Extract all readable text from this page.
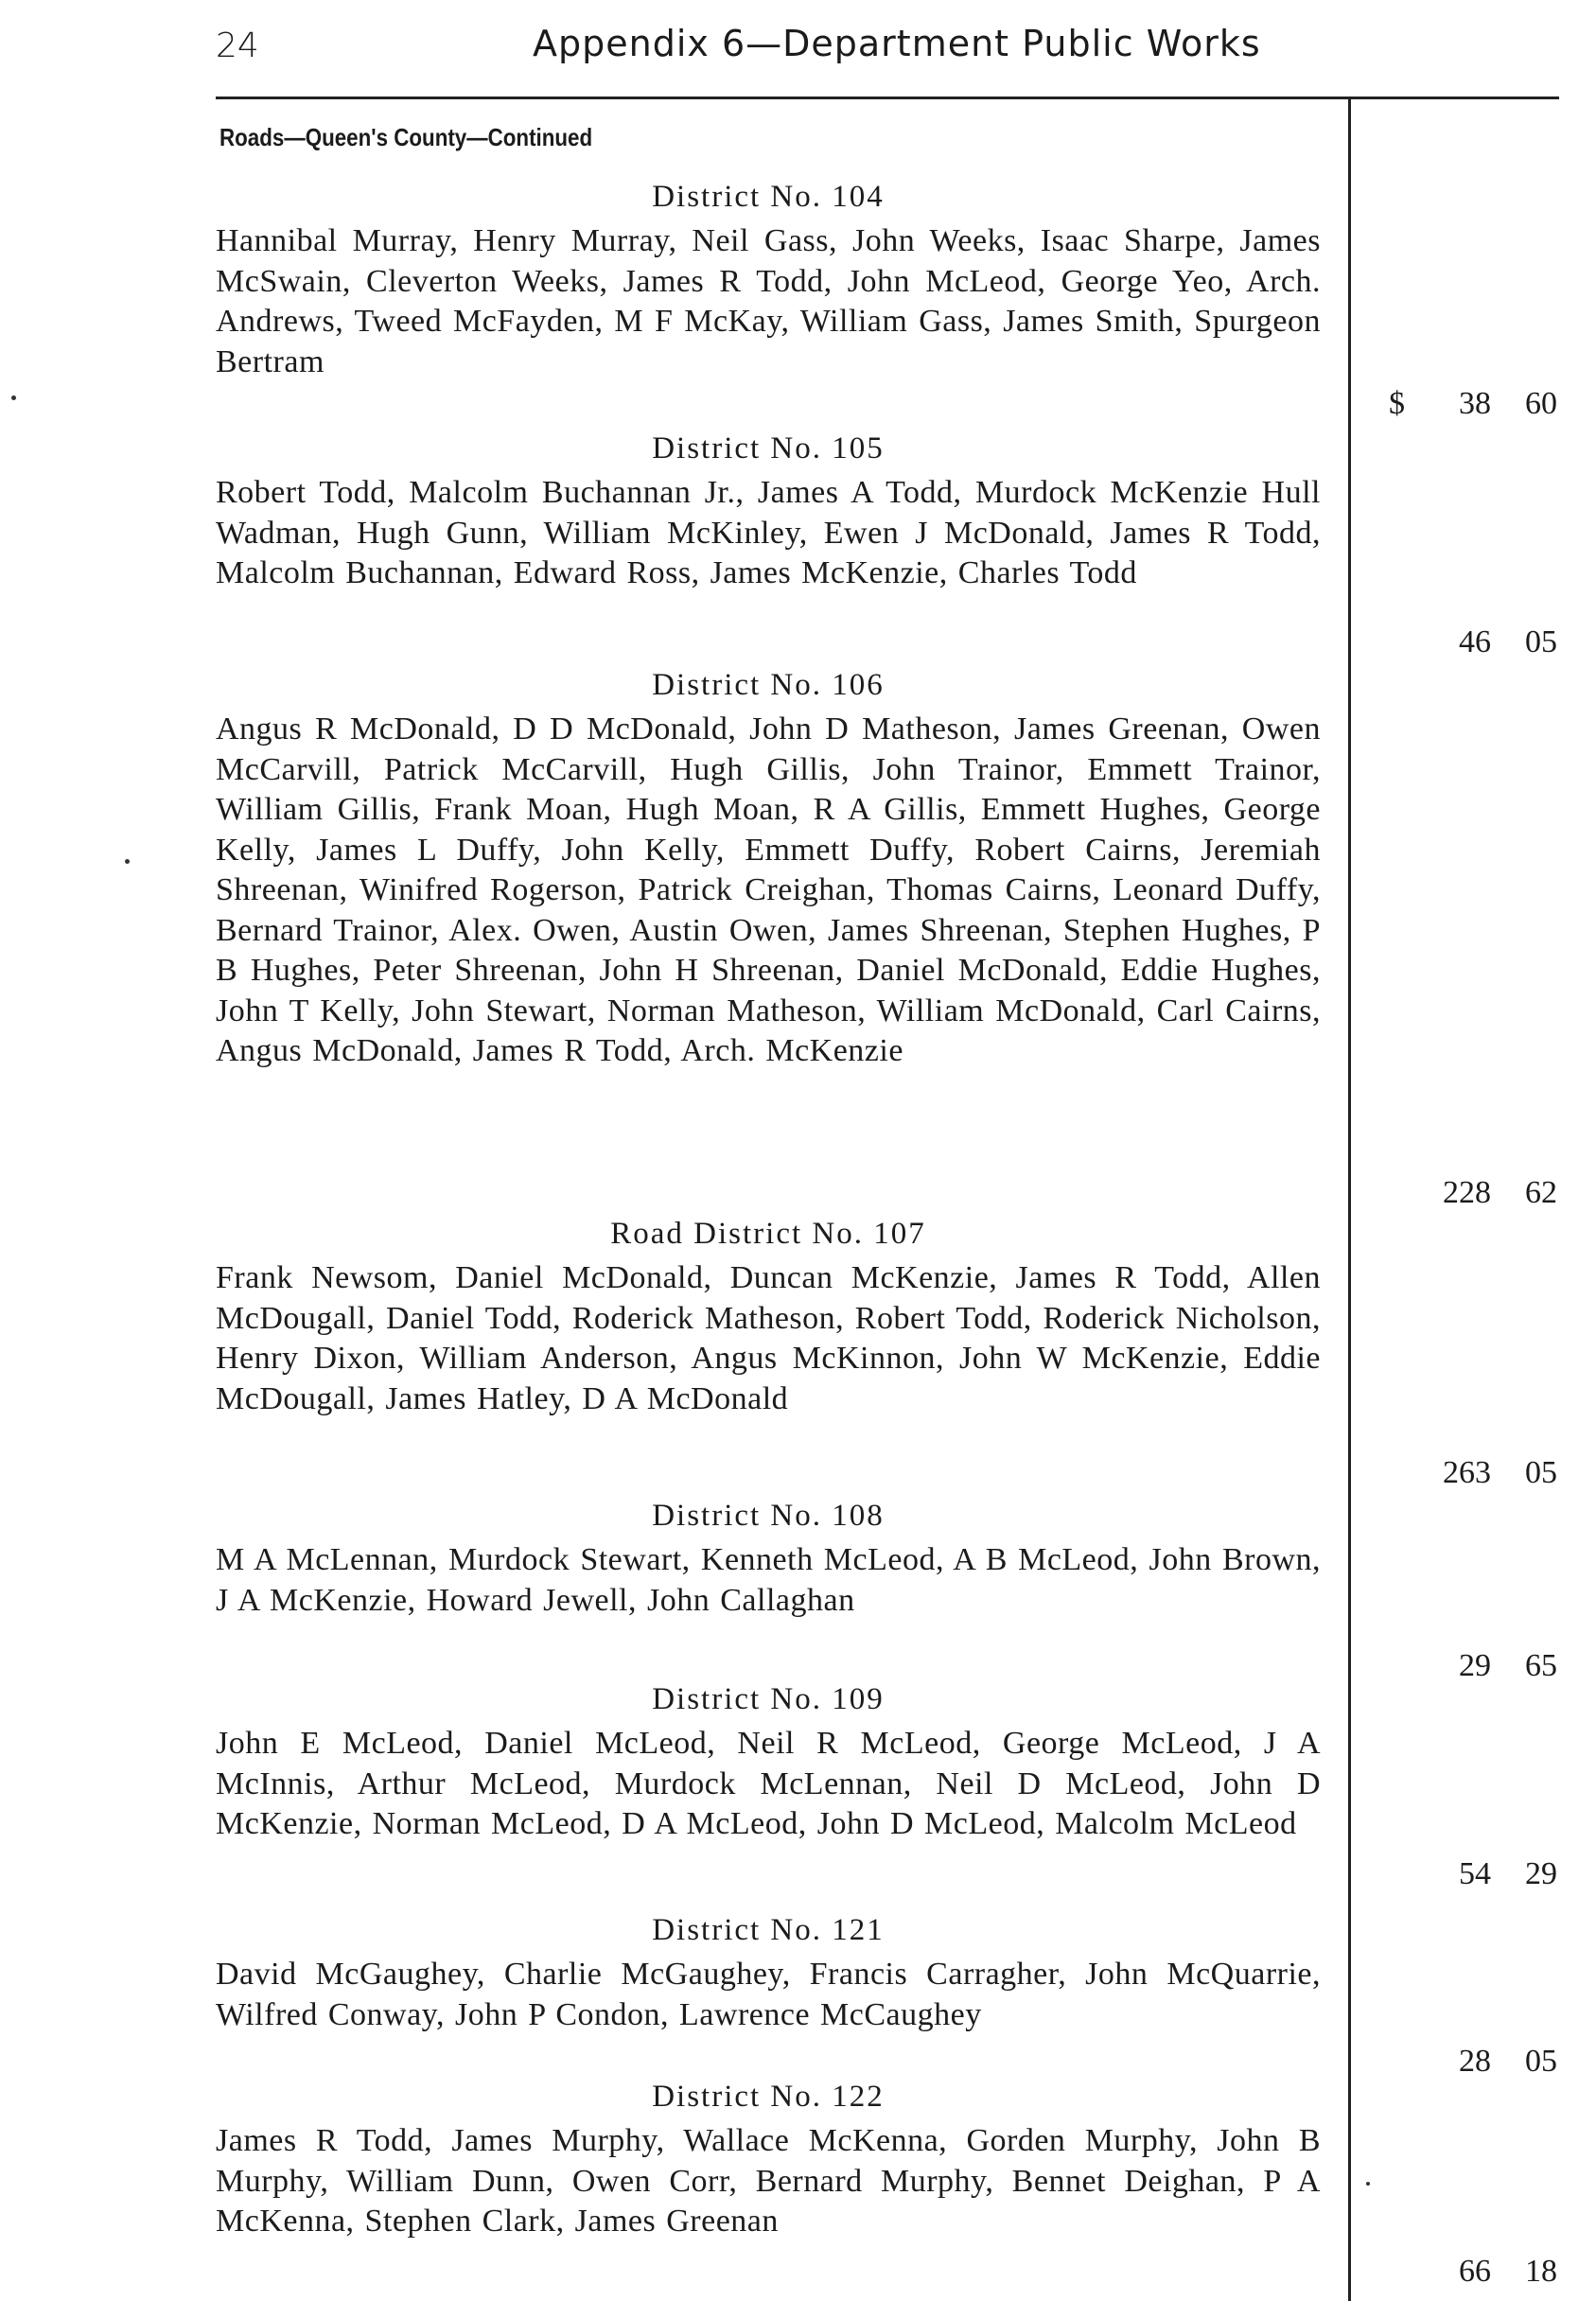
24	Appendix 6—Department Public Works
Roads—Queen's County—Continued
District No. 104
Hannibal Murray, Henry Murray, Neil Gass, John Weeks, Isaac Sharpe, James McSwain, Cleverton Weeks, James R Todd, John McLeod, George Yeo, Arch. Andrews, Tweed McFayden, M F McKay, William Gass, James Smith, Spurgeon Bertram
$ 38 60
District No. 105
Robert Todd, Malcolm Buchannan Jr., James A Todd, Murdock McKenzie Hull Wadman, Hugh Gunn, William McKinley, Ewen J McDonald, James R Todd, Malcolm Buchannan, Edward Ross, James McKenzie, Charles Todd
46 05
District No. 106
Angus R McDonald, D D McDonald, John D Matheson, James Greenan, Owen McCarvill, Patrick McCarvill, Hugh Gillis, John Trainor, Emmett Trainor, William Gillis, Frank Moan, Hugh Moan, R A Gillis, Emmett Hughes, George Kelly, James L Duffy, John Kelly, Emmett Duffy, Robert Cairns, Jeremiah Shreenan, Winifred Rogerson, Patrick Creighan, Thomas Cairns, Leonard Duffy, Bernard Trainor, Alex. Owen, Austin Owen, James Shreenan, Stephen Hughes, P B Hughes, Peter Shreenan, John H Shreenan, Daniel McDonald, Eddie Hughes, John T Kelly, John Stewart, Norman Matheson, William McDonald, Carl Cairns, Angus McDonald, James R Todd, Arch. McKenzie
228 62
Road District No. 107
Frank Newsom, Daniel McDonald, Duncan McKenzie, James R Todd, Allen McDougall, Daniel Todd, Roderick Matheson, Robert Todd, Roderick Nicholson, Henry Dixon, William Anderson, Angus McKinnon, John W McKenzie, Eddie McDougall, James Hatley, D A McDonald
263 05
District No. 108
M A McLennan, Murdock Stewart, Kenneth McLeod, A B McLeod, John Brown, J A McKenzie, Howard Jewell, John Callaghan
29 65
District No. 109
John E McLeod, Daniel McLeod, Neil R McLeod, George McLeod, J A McInnis, Arthur McLeod, Murdock McLennan, Neil D McLeod, John D McKenzie, Norman McLeod, D A McLeod, John D McLeod, Malcolm McLeod
54 29
District No. 121
David McGaughey, Charlie McGaughey, Francis Carragher, John McQuarrie, Wilfred Conway, John P Condon, Lawrence McCaughey
28 05
District No. 122
James R Todd, James Murphy, Wallace McKenna, Gorden Murphy, John B Murphy, William Dunn, Owen Corr, Bernard Murphy, Bennet Deighan, P A McKenna, Stephen Clark, James Greenan
66 18
